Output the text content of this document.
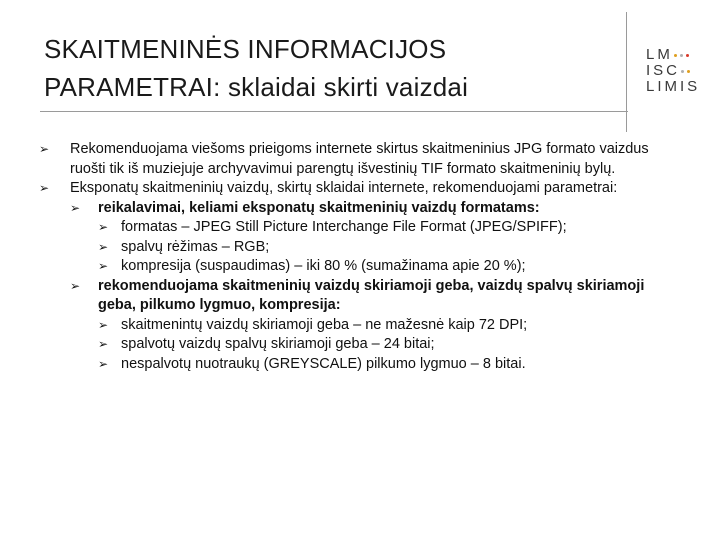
SKAITMENINĖS INFORMACIJOS
PARAMETRAI: sklaidai skirti vaizdai
LM
ISC
LIMIS
➢ Rekomenduojama viešoms prieigoms internete skirtus skaitmeninius JPG formato vaizdus ruošti tik iš muziejuje archyvavimui parengtų išvestinių TIF formato skaitmeninių bylų.
➢ Eksponatų skaitmeninių vaizdų, skirtų sklaidai internete, rekomenduojami parametrai:
➢ reikalavimai, keliami eksponatų skaitmeninių vaizdų formatams:
➢ formatas – JPEG Still Picture Interchange File Format (JPEG/SPIFF);
➢ spalvų rėžimas – RGB;
➢ kompresija (suspaudimas) – iki 80 % (sumažinama apie 20 %);
➢ rekomenduojama skaitmeninių vaizdų skiriamoji geba, vaizdų spalvų skiriamoji geba, pilkumo lygmuo, kompresija:
➢ skaitmenintų vaizdų skiriamoji geba – ne mažesnė kaip 72 DPI;
➢ spalvotų vaizdų spalvų skiriamoji geba – 24 bitai;
➢ nespalvotų nuotraukų (GREYSCALE) pilkumo lygmuo – 8 bitai.
